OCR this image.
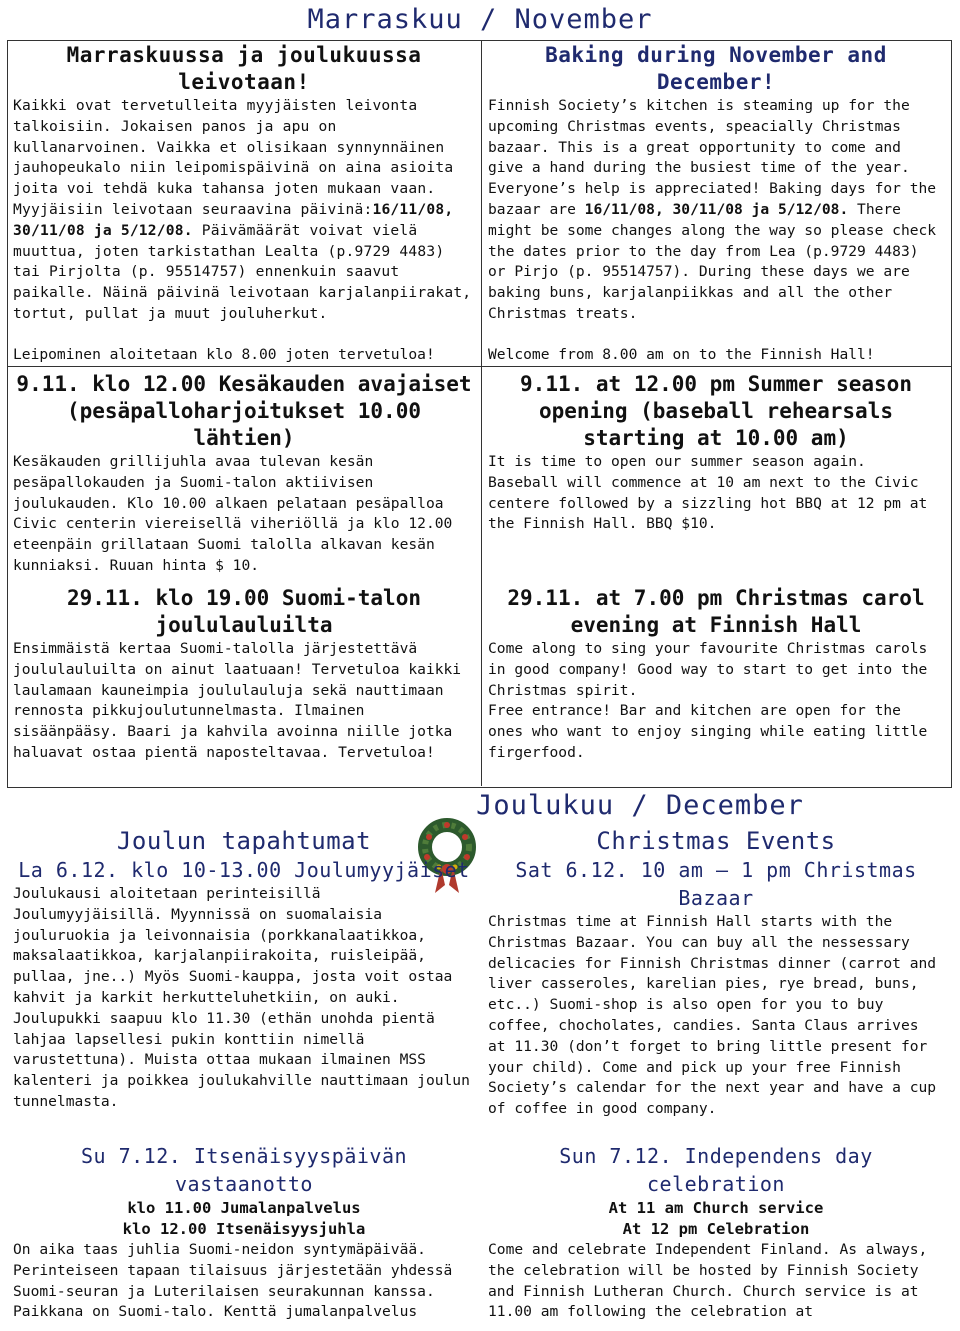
Marraskuu / November

Marraskuussa ja joulukuussa leivotaan!

Kaikki ovat tervetulleita myyjäisten leivonta talkoisiin. Jokaisen panos ja apu on kullanarvoinen. Vaikka et olisikaan synnynnäinen jauhopeukalo niin leipomispäivinä on aina asioita joita voi tehdä kuka tahansa joten mukaan vaan. Myyjäisiin leivotaan seuraavina päivinä:16/11/08, 30/11/08 ja 5/12/08. Päivämäärät voivat vielä muuttua, joten tarkistathan Lealta (p.9729 4483) tai Pirjolta (p. 95514757) ennenkuin saavut paikalle. Näinä päivinä leivotaan karjalanpiirakat, tortut, pullat ja muut jouluherkut.

Leipominen aloitetaan klo 8.00 joten tervetuloa!

9.11. klo 12.00 Kesäkauden avajaiset (pesäpalloharjoitukset 10.00 lähtien)

Kesäkauden grillijuhla avaa tulevan kesän pesäpallokauden ja Suomi-talon aktiivisen joulukauden. Klo 10.00 alkaen pelataan pesäpalloa Civic centerin viereisellä viheriöllä ja klo 12.00 eteenpäin grillataan Suomi talolla alkavan kesän kunniaksi. Ruuan hinta $ 10.

29.11. klo 19.00 Suomi-talon joululauluilta

Ensimmäistä kertaa Suomi-talolla järjestettävä joululauluilta on ainut laatuaan! Tervetuloa kaikki laulamaan kauneimpia joululauluja sekä nauttimaan rennosta pikkujoulutunnelmasta. Ilmainen sisäänpääsy. Baari ja kahvila avoinna niille jotka haluavat ostaa pientä naposteltavaa. Tervetuloa!

Baking during November and December!

Finnish Society’s kitchen is steaming up for the upcoming Christmas events, speacially Christmas bazaar. This is a great opportunity to come and give a hand during the busiest time of the year. Everyone’s help is appreciated! Baking days for the bazaar are 16/11/08, 30/11/08 ja 5/12/08. There might be some changes along the way so please check the dates prior to the day from Lea (p.9729 4483) or Pirjo (p. 95514757). During these days we are baking buns, karjalanpiikkas and all the other Christmas treats.

Welcome from 8.00 am on to the Finnish Hall!

9.11. at 12.00 pm Summer season opening (baseball rehearsals starting at 10.00 am)

It is time to open our summer season again. Baseball will commence at 10 am next to the Civic centere followed by a sizzling hot BBQ at 12 pm at the Finnish Hall. BBQ $10.

29.11. at 7.00 pm Christmas carol evening at Finnish Hall

Come along to sing your favourite Christmas carols in good company! Good way to start to get into the Christmas spirit.
Free entrance! Bar and kitchen are open for the ones who want to enjoy singing while eating little firgerfood.

Joulukuu / December

Joulun tapahtumat

La 6.12. klo 10-13.00 Joulumyyjäiset

Joulukausi aloitetaan perinteisillä Joulumyyjäisillä. Myynnissä on suomalaisia jouluruokia ja leivonnaisia (porkkanalaatikkoa, maksalaatikkoa, karjalanpiirakoita, ruisleipää, pullaa, jne..) Myös Suomi-kauppa, josta voit ostaa kahvit ja karkit herkutteluhetkiin, on auki. Joulupukki saapuu klo 11.30 (ethän unohda pientä lahjaa lapsellesi pukin konttiin nimellä varustettuna). Muista ottaa mukaan ilmainen MSS kalenteri ja poikkea joulukahville nauttimaan joulun tunnelmasta.

Su 7.12. Itsenäisyyspäivän vastaanotto

klo 11.00 Jumalanpalvelus

klo 12.00 Itsenäisyysjuhla

On aika taas juhlia Suomi-neidon syntymäpäivää. Perinteiseen tapaan tilaisuus järjestetään yhdessä Suomi-seuran ja Luterilaisen seurakunnan kanssa. Paikkana on Suomi-talo. Kenttä jumalanpalvelus

Christmas Events

Sat 6.12. 10 am – 1 pm Christmas Bazaar

Christmas time at Finnish Hall starts with the Christmas Bazaar. You can buy all the nessessary delicacies for Finnish Christmas dinner (carrot and liver casseroles, karelian pies, rye bread, buns, etc..) Suomi-shop is also open for you to buy coffee, chocholates, candies. Santa Claus arrives at 11.30 (don’t forget to bring little present for your child). Come and pick up your free Finnish Society’s calendar for the next year and have a cup of coffee in good company.

Sun 7.12. Independens day celebration

At 11 am Church service

At 12 pm Celebration

Come and celebrate Independent Finland. As always, the celebration will be hosted by Finnish Society and Finnish Lutheran Church. Church service is at 11.00 am following the celebration at
